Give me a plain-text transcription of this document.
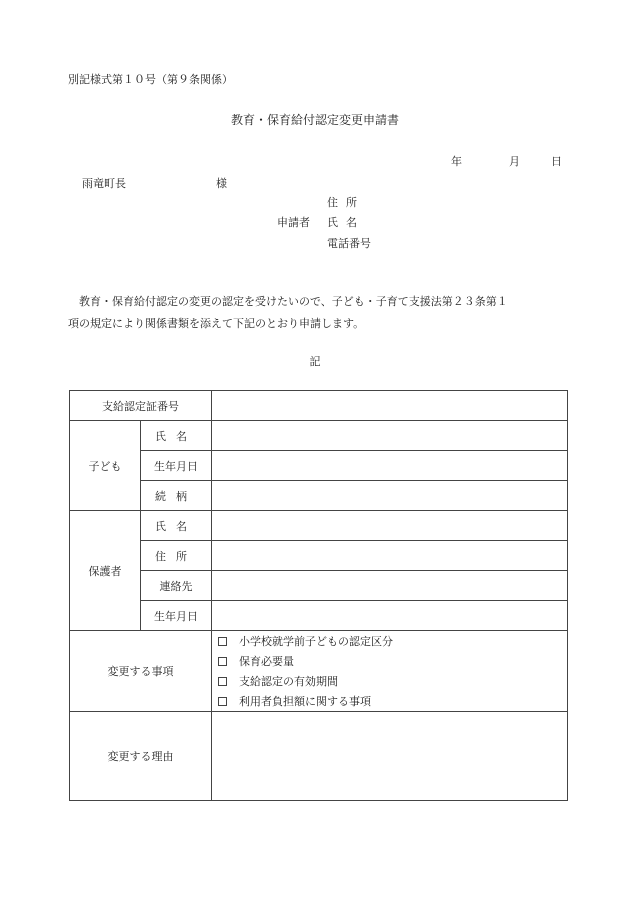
別記様式第１０号（第９条関係）
教育・保育給付認定変更申請書
年	月	日
雨竜町長	様
住所
申請者 氏名
電話番号
教育・保育給付認定の変更の認定を受けたいので、子ども・子育て支援法第２３条第１
項の規定により関係書類を添えて下記のとおり申請します。
記
支給認定証番号		
子ども	氏名	
	生年月日	
	続柄	
保護者	氏名	
	住所	
	連絡先	
	生年月日	
変更する事項		小学校就学前子どもの認定区分
保育必要量
支給認定の有効期間
利用者負担額に関する事項

変更する理由		
